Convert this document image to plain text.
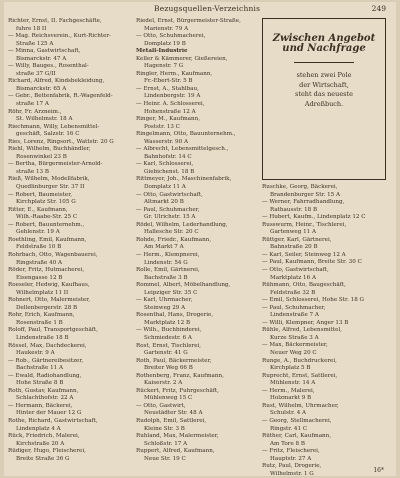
Bezugsquellen-Verzeichnis	249
Richter, Ernst, II. Fachgeschäfte,
fuhre 18 II
— Mag. Reichsverein., Kurt-Richter-
Straße 125 A
— Minna, Gastwirtschaft,
Bismarckstr. 47 A
— Willy, Bauges., Rosenthal-
straße 37 G/II
Richard, Alfred, Kindsbekleidung,
Bismarckstr. 65 A
— Gebr., Bettenfabrik, R.-Wagenfeld-
straße 17 A
Röhr, Fr. Arzneim.,
St. Wilhelmstr. 18 A
Riechmann, Willy, Lebensmittel-
geschäft, Salzstr. 16 C
Ries, Lorenz, Ringsort., Wattstr. 20 G
Riehl, Wilhelm, Buchhändler,
Rosenwinkel 23 B
— Bertha, Bürgermeister-Arnold-
straße 13 B
Rieß, Wilhelm, Modellfabrik,
Quedlinburger Str. 37 II
— Robert, Baumeister,
Kirchplatz Str. 105 G
Ritter, E., Kaufmann,
Wilh.-Raabe-Str. 25 C
— Robert, Bauunternehm.,
Gehlenstr. 19 A
Roethling, Emil, Kaufmann,
Feldstraße 10 B
Rohrbach, Otto, Wagenbauerei,
Ringstraße 40 A
Röder, Fritz, Hutmacherei,
Eisengasse 12 B
Roeseler, Hedwig, Kaufhaus,
Wilhelmplatz 11 II
Rohnert, Otto, Malermeister,
Dellenbergerstr. 28 B
Rohr, Erich, Kaufmann,
Rosenstraße 1 B
Roloff, Paul, Transportgeschäft,
Lindenstraße 18 B
Rössel, Max, Dachdeckerei,
Haukestr. 9 A
— Rob., Gärtnereibesitzer,
Bachstraße 11 A
— Ewald, Radiohandlung,
Hohe Straße 8 B
Roth, Gustav, Kaufmann,
Schlachthofstr. 22 A
— Hermann, Bäckerei,
Hinter der Mauer 12 G
Rothe, Richard, Gastwirtschaft,
Lindenplatz 4 A
Rück, Friedrich, Malerei,
Kirchstraße 20 A
Rüdiger, Hugo, Fleischerei,
Breite Straße 36 G
Riedel, Ernst, Bürgermeister-Straße,
Marienstr. 79 A
— Otto, Schuhmacherei,
Domplatz 19 B
Metall-Industrie
Keller & Kämmerer, Gießereien,
Hagenstr. 7 G
Ringler, Herm., Kaufmann,
Fr.-Ebert-Str. 5 B
— Ernst, A., Stahlbau,
Lindenbergstr. 19 A
— Heinr. A. Schlosserei,
Hohenstraße 12 A
Ringer, M., Kaufmann,
Poststr. 13 C
Ringelmann, Otto, Bauunternehm.,
Wasserstr. 90 A
— Albrecht, Lebensmittelgesch.,
Bahnhofstr. 14 C
— Karl, Schlosserei,
Giebichenst. 18 B
Rittmeyer, Joh., Maschinenfabrik,
Domplatz 11 A
— Otto, Gastwirtschaft,
Altmarkt 20 B
— Paul, Schuhmacher,
Gr. Ulrichstr. 15 A
Rödel, Wilhelm, Lederhandlung,
Hallesche Str. 20 C
Rohde, Friedr., Kaufmann,
Am Markt 7 A
— Herm., Klempnerei,
Lindenstr. 54 G
Rolle, Emil, Gärtnerei,
Bachstraße 3 B
Rommel, Albert, Möbelhandlung,
Leipziger Str. 35 C
— Karl, Uhrmacher,
Steinweg 29 A
Rosenthal, Hans, Drogerie,
Marktplatz 12 B
— Wilh., Buchbinderei,
Schmiedestr. 6 A
Rost, Ernst, Tischlerei,
Gartenstr. 41 G
Roth, Paul, Bäckermeister,
Breiter Weg 66 B
Rothenberg, Franz, Kaufmann,
Kaiserstr. 2 A
Rückert, Fritz, Fuhrgeschäft,
Mühlenweg 15 C
— Otto, Gastwirt,
Neustädter Str. 48 A
Rudolph, Emil, Sattlerei,
Kleine Str. 3 B
Ruhland, Max, Malermeister,
Schloßstr. 17 A
Ruppert, Alfred, Kaufmann,
Neue Str. 19 C
Zwischen Angebot
und Nachfrage
stehen zwei Pole
der Wirtschaft,
steht das neueste
Adreßbuch.
Ruschke, Georg, Bäckerei,
Brandenburger Str. 15 A
— Werner, Fahrradhandlung,
Rathausstr. 18 B
— Hubert, Kaufm., Lindenplatz 12 C
Russwurm, Heinr., Tischlerei,
Gartenweg 11 A
Rüttger, Karl, Gärtnerei,
Bahnstraße 20 B
— Karl, Seiler, Steinweg 12 A
— Paul, Kaufmann, Breite Str. 30 C
— Otto, Gastwirtschaft,
Marktplatz 16 A
Rühmann, Otto, Baugeschäft,
Feldstraße 32 B
— Emil, Schlosserei, Hohe Str. 18 G
— Paul, Schuhmacher,
Lindenstraße 7 A
— Willi, Klempner, Anger 13 B
Rühle, Alfred, Lebensmittel,
Kurze Straße 3 A
— Max, Bäckermeister,
Neuer Weg 20 C
Runge, A., Buchdruckerei,
Kirchplatz 5 B
Ruprecht, Ernst, Sattlerei,
Mühlenstr. 14 A
— Herm., Malerei,
Holzmarkt 9 B
Rust, Wilhelm, Uhrmacher,
Schulstr. 4 A
— Georg, Stellmacherei,
Ringstr. 41 C
Rüther, Carl, Kaufmann,
Am Tore 8 B
— Fritz, Fleischerei,
Hauptstr. 27 A
Rutz, Paul, Drogerie,
Wilhelmstr. 1 G	16*
